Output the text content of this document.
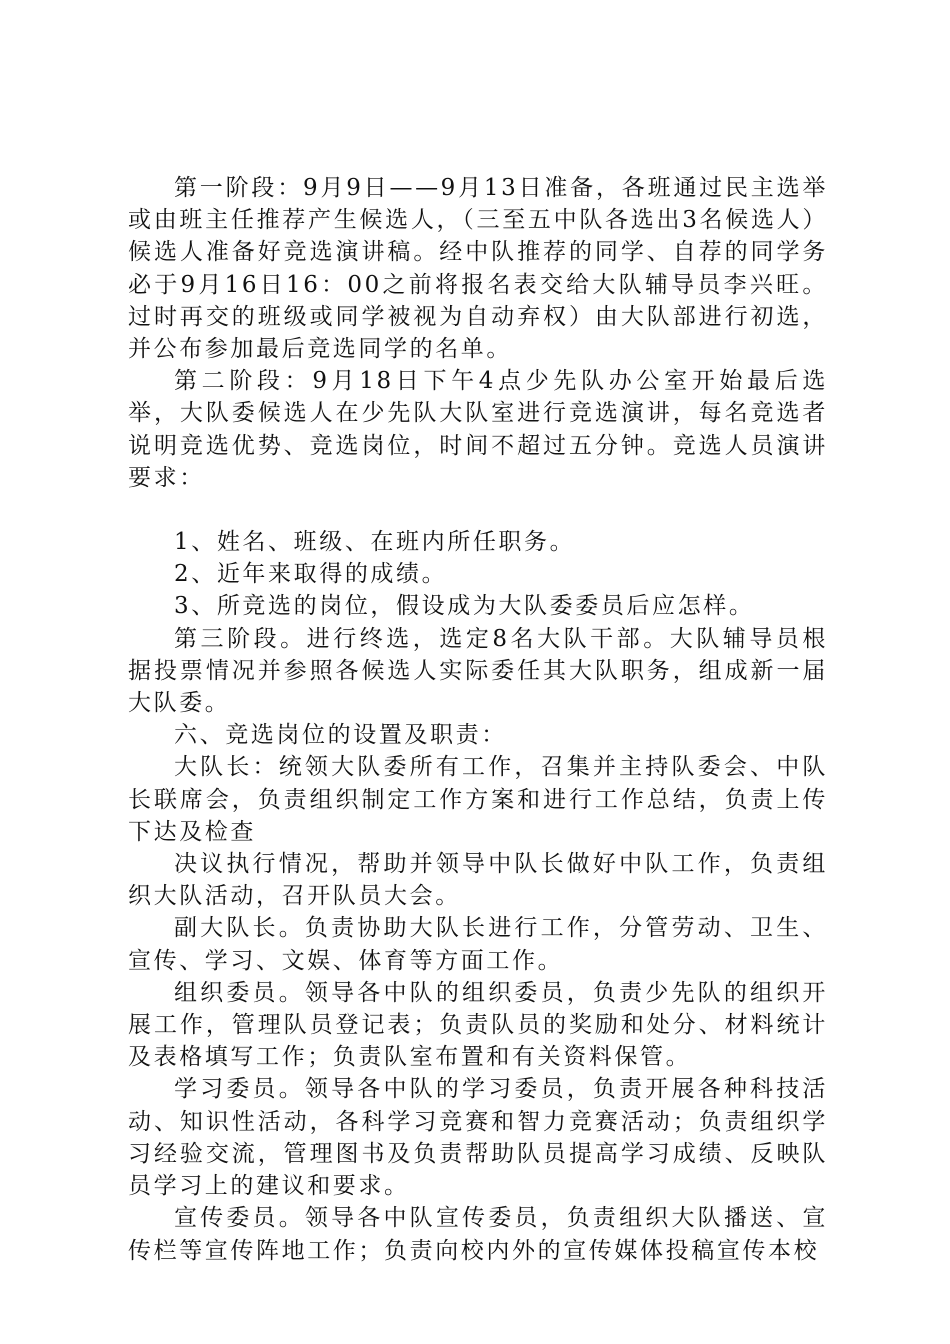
第一阶段：9月9日——9月13日准备，各班通过民主选举或由班主任推荐产生候选人，（三至五中队各选出3名候选人）候选人准备好竞选演讲稿。经中队推荐的同学、自荐的同学务必于9月16日16：00之前将报名表交给大队辅导员李兴旺。过时再交的班级或同学被视为自动弃权）由大队部进行初选，并公布参加最后竞选同学的名单。

第二阶段：9月18日下午4点少先队办公室开始最后选举，大队委候选人在少先队大队室进行竞选演讲，每名竞选者说明竞选优势、竞选岗位，时间不超过五分钟。竞选人员演讲要求：

1、姓名、班级、在班内所任职务。

2、近年来取得的成绩。

3、所竞选的岗位，假设成为大队委委员后应怎样。

第三阶段。进行终选，选定8名大队干部。大队辅导员根据投票情况并参照各候选人实际委任其大队职务，组成新一届大队委。

六、竞选岗位的设置及职责：

大队长：统领大队委所有工作，召集并主持队委会、中队长联席会，负责组织制定工作方案和进行工作总结，负责上传下达及检查

决议执行情况，帮助并领导中队长做好中队工作，负责组织大队活动，召开队员大会。

副大队长。负责协助大队长进行工作，分管劳动、卫生、宣传、学习、文娱、体育等方面工作。

组织委员。领导各中队的组织委员，负责少先队的组织开展工作，管理队员登记表；负责队员的奖励和处分、材料统计及表格填写工作；负责队室布置和有关资料保管。

学习委员。领导各中队的学习委员，负责开展各种科技活动、知识性活动，各科学习竞赛和智力竞赛活动；负责组织学习经验交流，管理图书及负责帮助队员提高学习成绩、反映队员学习上的建议和要求。

宣传委员。领导各中队宣传委员，负责组织大队播送、宣传栏等宣传阵地工作；负责向校内外的宣传媒体投稿宣传本校
